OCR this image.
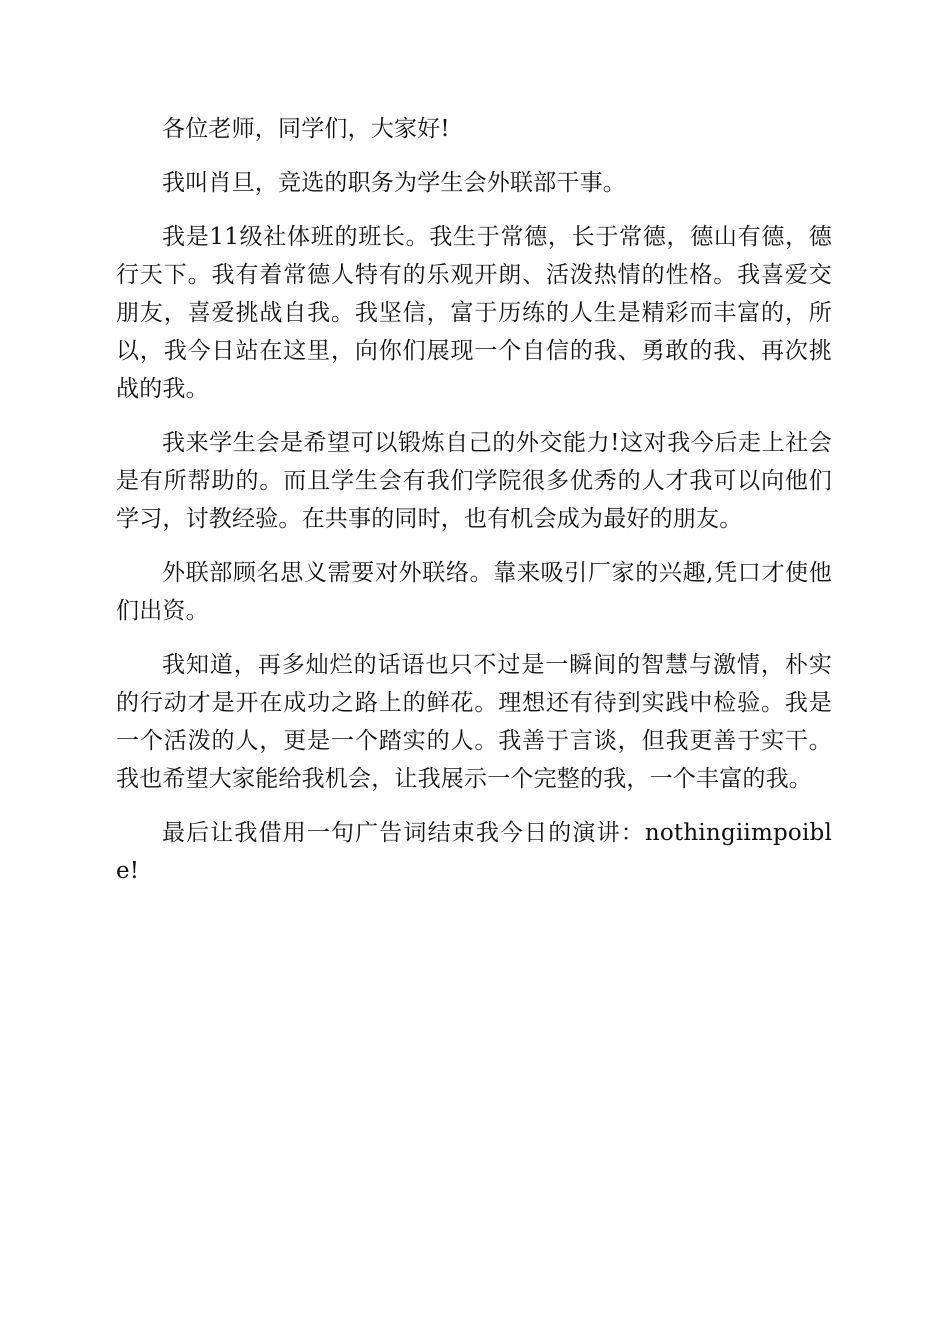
各位老师，同学们，大家好!

我叫肖旦，竞选的职务为学生会外联部干事。

我是11级社体班的班长。我生于常德，长于常德，德山有德，德行天下。我有着常德人特有的乐观开朗、活泼热情的性格。我喜爱交朋友，喜爱挑战自我。我坚信，富于历练的人生是精彩而丰富的，所以，我今日站在这里，向你们展现一个自信的我、勇敢的我、再次挑战的我。

我来学生会是希望可以锻炼自己的外交能力!这对我今后走上社会是有所帮助的。而且学生会有我们学院很多优秀的人才我可以向他们学习，讨教经验。在共事的同时，也有机会成为最好的朋友。

外联部顾名思义需要对外联络。靠来吸引厂家的兴趣,凭口才使他们出资。

我知道，再多灿烂的话语也只不过是一瞬间的智慧与激情，朴实的行动才是开在成功之路上的鲜花。理想还有待到实践中检验。我是一个活泼的人，更是一个踏实的人。我善于言谈，但我更善于实干。我也希望大家能给我机会，让我展示一个完整的我，一个丰富的我。

最后让我借用一句广告词结束我今日的演讲：nothingiimpoible!
